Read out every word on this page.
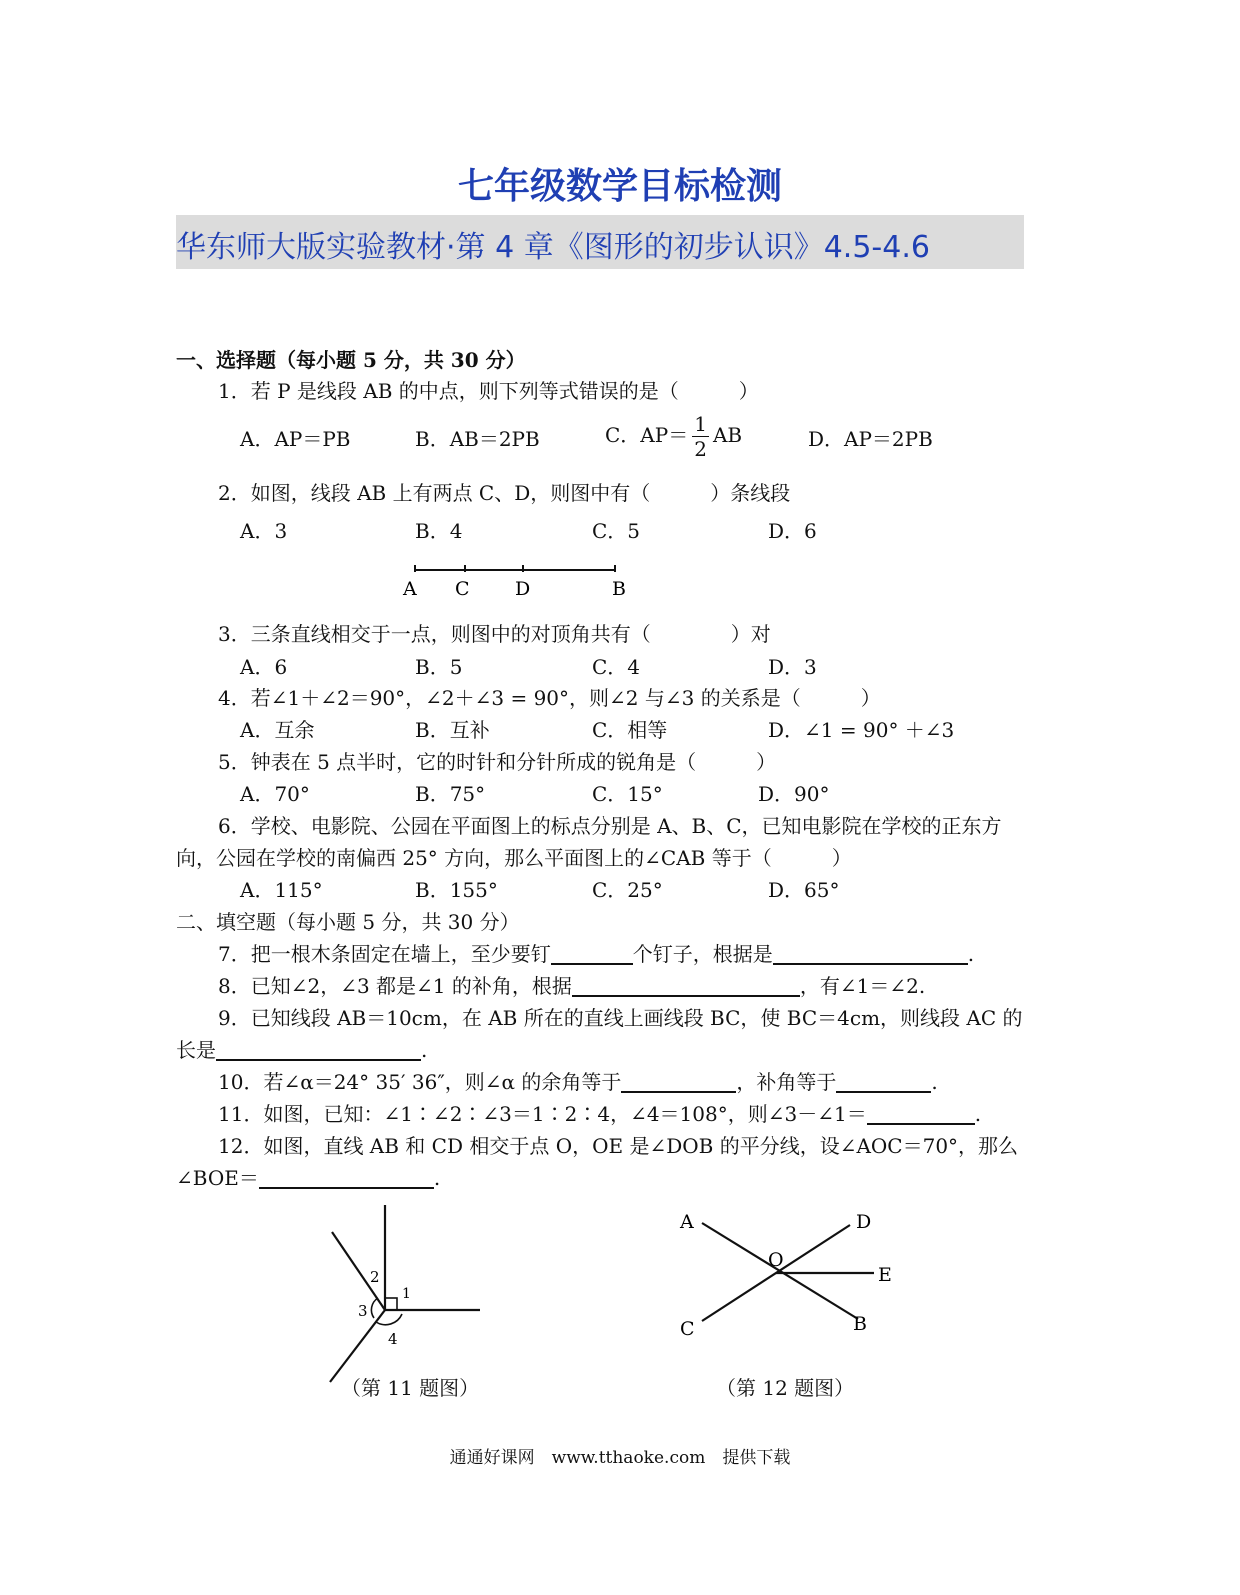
七年级数学目标检测
华东师大版实验教材·第 4 章《图形的初步认识》4.5-4.6
一、选择题（每小题 5 分，共 30 分）
1．若 P 是线段 AB 的中点，则下列等式错误的是（　　　）
A．AP＝PB	B．AB＝2PB	C．$AP= \frac{1}{2}$ AB	D．AP＝2PB
2．如图，线段 AB 上有两点 C、D，则图中有（　　　）条线段
A．3	B．4	C．5	D．6
A C D	B
3．三条直线相交于一点，则图中的对顶角共有（　　　　）对
A．6	B．5	C．4	D．3
4．若∠1＋∠2＝90°，∠2＋∠3 = 90°，则∠2 与∠3 的关系是（　　　）
A．互余	B．互补	C．相等	D．∠1 = 90° ＋∠3
5．钟表在 5 点半时，它的时针和分针所成的锐角是（　　　）
A．70°	B．75°	C．15°	D．90°
6．学校、电影院、公园在平面图上的标点分别是 A、B、C，已知电影院在学校的正东方
向，公园在学校的南偏西 25° 方向，那么平面图上的∠CAB 等于（　　　）
A．115°	B．155°	C．25°	D．65°
二、填空题（每小题 5 分，共 30 分）
7．把一根木条固定在墙上，至少要钉	个钉子，根据是	.
8．已知∠2，∠3 都是∠1 的补角，根据	，有∠1＝∠2.
9．已知线段 AB＝10cm，在 AB 所在的直线上画线段 BC，使 BC＝4cm，则线段 AC 的
长是	.
10．若∠α＝24° 35′ 36″，则∠α 的余角等于	，补角等于	.
11．如图，已知：∠1∶∠2∶∠3＝1∶2∶4，∠4＝108°，则∠3－∠1＝	.
12．如图，直线 AB 和 CD 相交于点 O，OE 是∠DOB 的平分线，设∠AOC＝70°，那么
∠BOE＝	.
1
2
3
4
（第 11 题图）
A	D
O
E
C	B
（第 12 题图）
通通好课网　www.tthaoke.com　提供下载
